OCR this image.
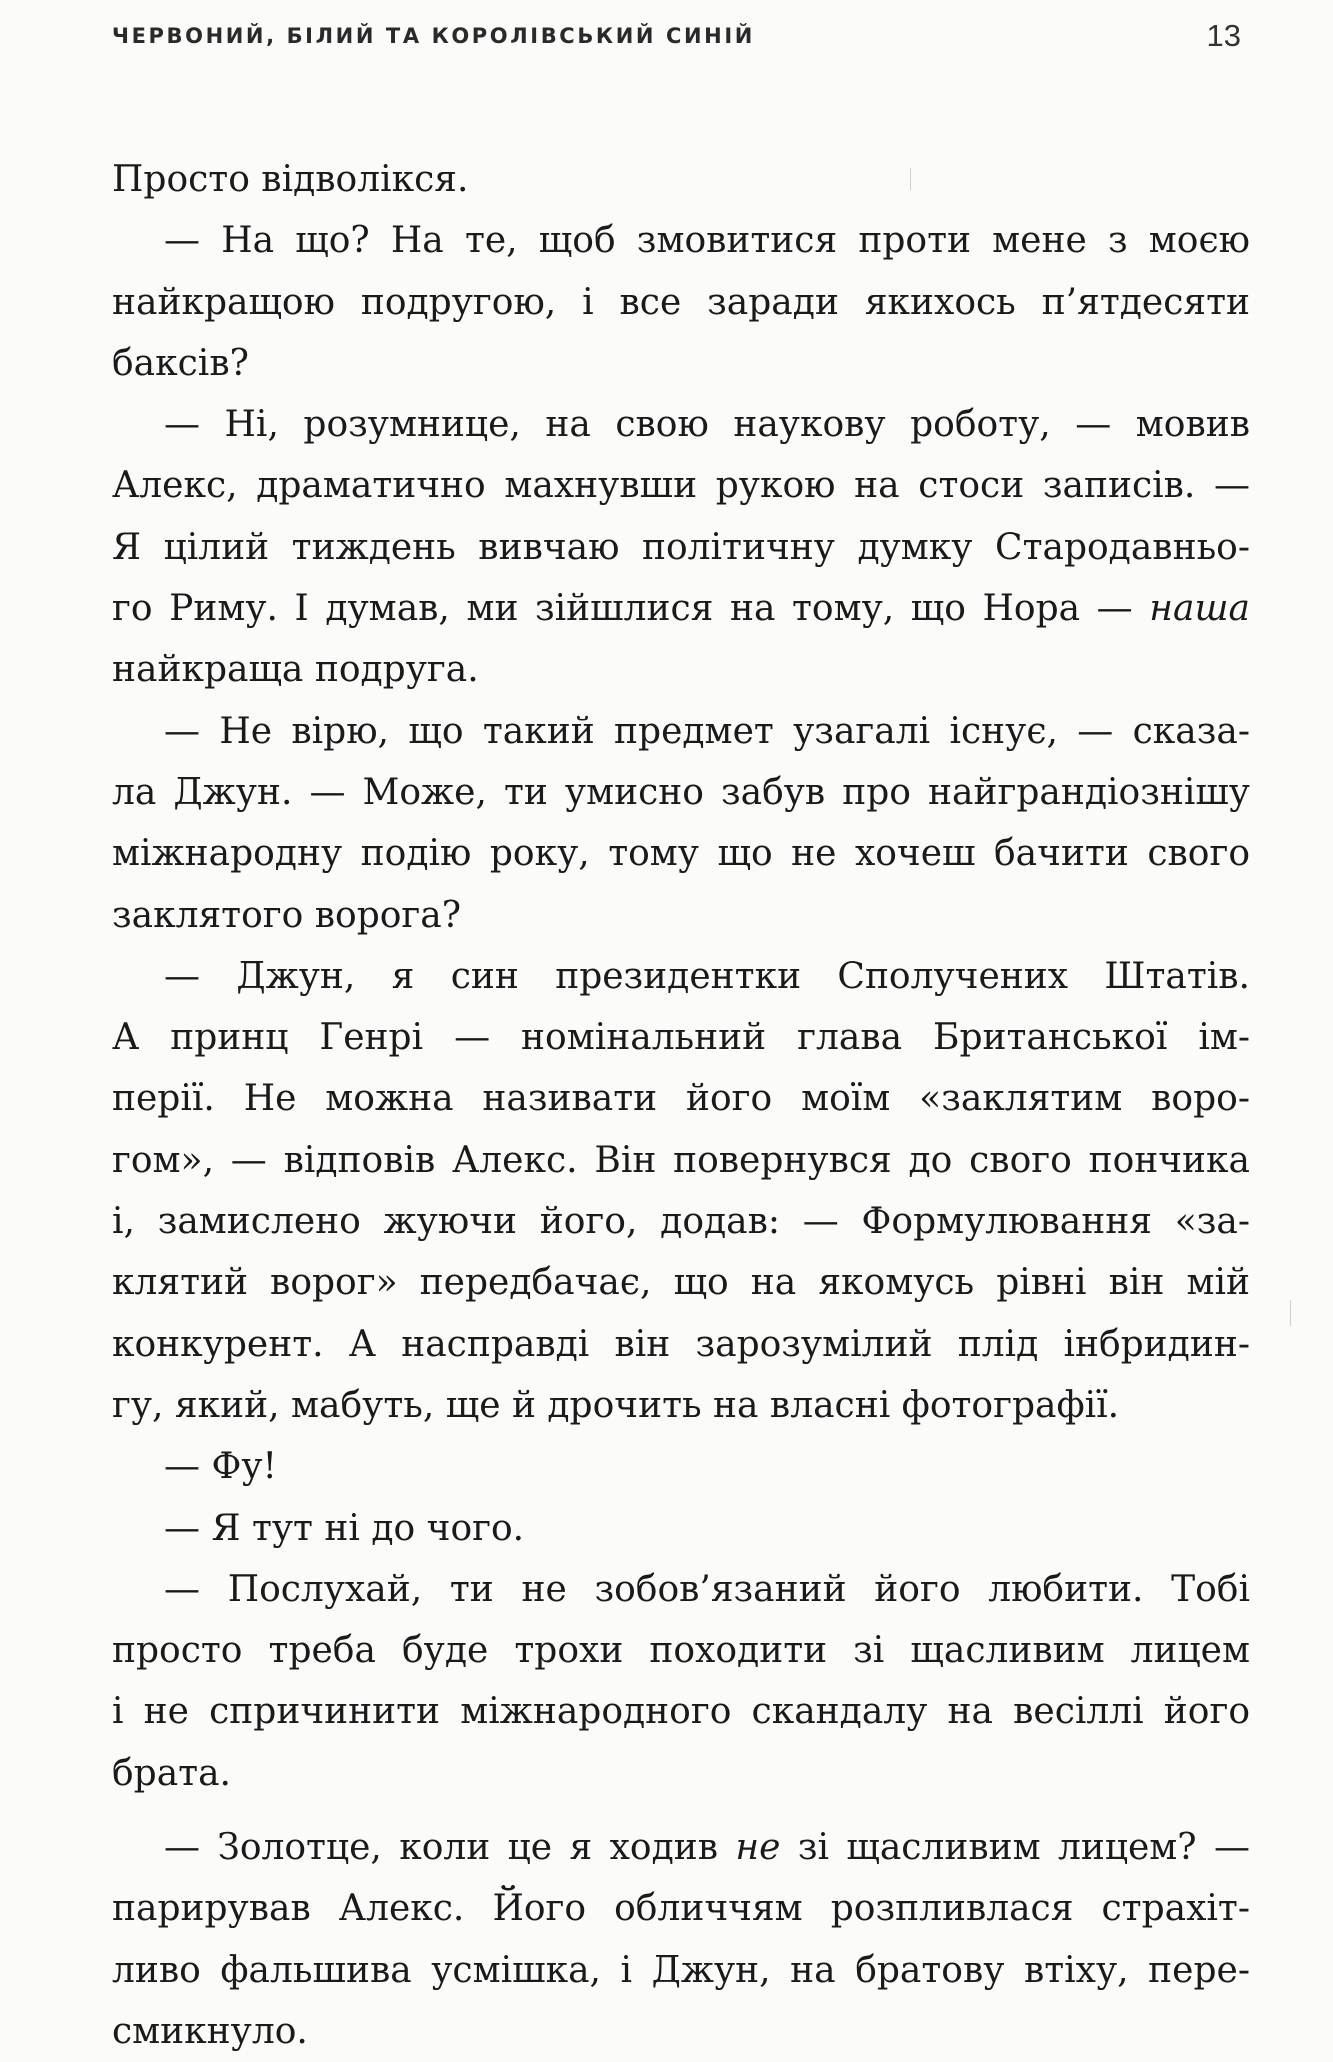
ЧЕРВОНИЙ, БІЛИЙ ТА КОРОЛІВСЬКИЙ СИНІЙ	13
Просто відволікся.
— На що? На те, щоб змовитися проти мене з моєю
найкращою подругою, і все заради якихось п’ятдесяти
баксів?
— Ні, розумнице, на свою наукову роботу, — мовив
Алекс, драматично махнувши рукою на стоси записів. —
Я цілий тиждень вивчаю політичну думку Стародавньо-
го Риму. І думав, ми зійшлися на тому, що Нора — наша
найкраща подруга.
— Не вірю, що такий предмет узагалі існує, — сказа-
ла Джун. — Може, ти умисно забув про найграндіознішу
міжнародну подію року, тому що не хочеш бачити свого
заклятого ворога?
— Джун, я син президентки Сполучених Штатів.
А принц Генрі — номінальний глава Британської ім-
перії. Не можна називати його моїм «заклятим воро-
гом», — відповів Алекс. Він повернувся до свого пончика
і, замислено жуючи його, додав: — Формулювання «за-
клятий ворог» передбачає, що на якомусь рівні він мій
конкурент. А насправді він зарозумілий плід інбридин-
гу, який, мабуть, ще й дрочить на власні фотографії.
— Фу!
— Я тут ні до чого.
— Послухай, ти не зобов’язаний його любити. Тобі
просто треба буде трохи походити зі щасливим лицем
і не спричинити міжнародного скандалу на весіллі його
брата.
— Золотце, коли це я ходив не зі щасливим лицем? —
парирував Алекс. Його обличчям розпливлася страхіт-
ливо фальшива усмішка, і Джун, на братову втіху, пере-
смикнуло.
